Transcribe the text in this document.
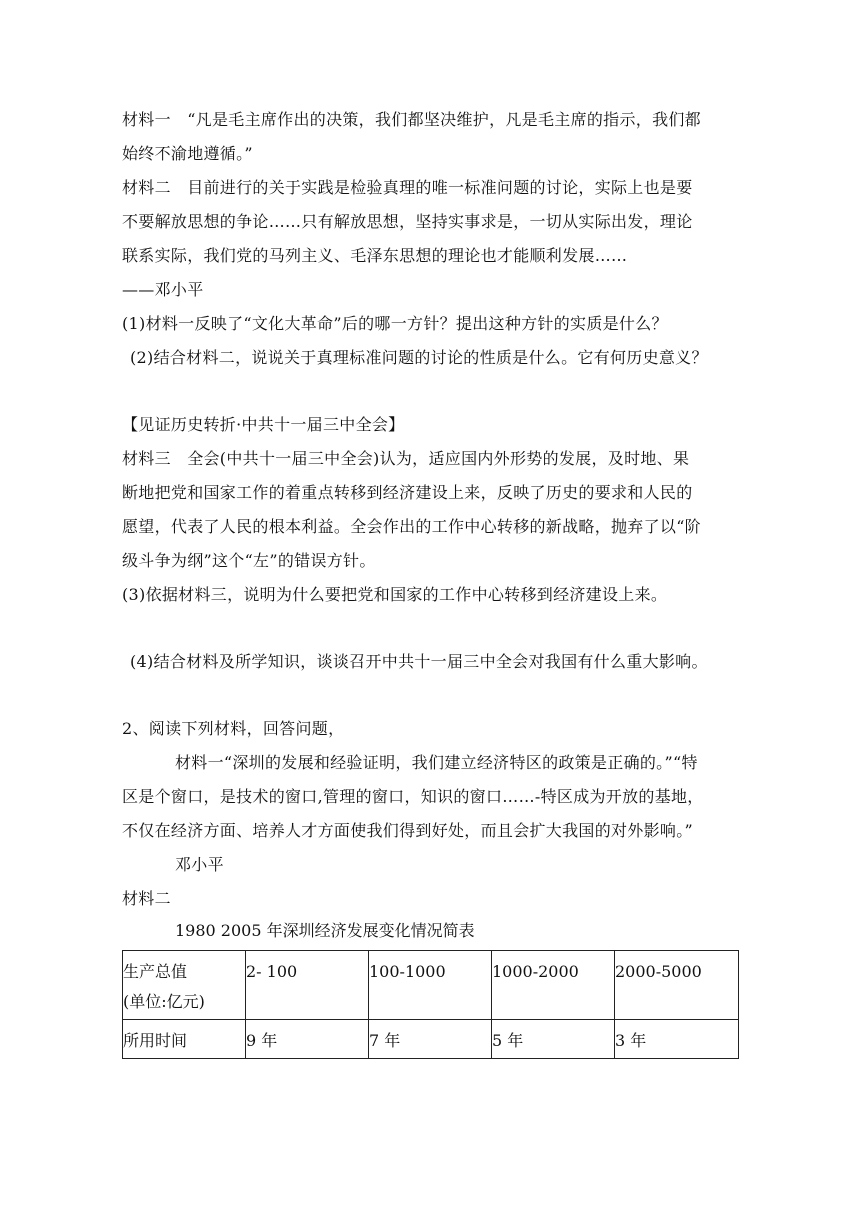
材料一　“凡是毛主席作出的决策，我们都坚决维护，凡是毛主席的指示，我们都
始终不渝地遵循。”
材料二　目前进行的关于实践是检验真理的唯一标准问题的讨论，实际上也是要
不要解放思想的争论……只有解放思想，坚持实事求是，一切从实际出发，理论
联系实际，我们党的马列主义、毛泽东思想的理论也才能顺利发展……
——邓小平
(1)材料一反映了“文化大革命”后的哪一方针？提出这种方针的实质是什么？
(2)结合材料二，说说关于真理标准问题的讨论的性质是什么。它有何历史意义？
【见证历史转折·中共十一届三中全会】
材料三　全会(中共十一届三中全会)认为，适应国内外形势的发展，及时地、果
断地把党和国家工作的着重点转移到经济建设上来，反映了历史的要求和人民的
愿望，代表了人民的根本利益。全会作出的工作中心转移的新战略，抛弃了以“阶
级斗争为纲”这个“左”的错误方针。
(3)依据材料三，说明为什么要把党和国家的工作中心转移到经济建设上来。
(4)结合材料及所学知识，谈谈召开中共十一届三中全会对我国有什么重大影响。
2、阅读下列材料，回答问题，
材料一“深圳的发展和经验证明，我们建立经济特区的政策是正确的。”“特
区是个窗口，是技术的窗口,管理的窗口，知识的窗口……-特区成为开放的基地，
不仅在经济方面、培养人才方面使我们得到好处，而且会扩大我国的对外影响。”
邓小平
材料二
1980 2005 年深圳经济发展变化情况简表
生产总值
(单位:亿元)	2- 100	100-1000	1000-2000	2000-5000
所用时间	9 年	7 年	5 年	3 年
